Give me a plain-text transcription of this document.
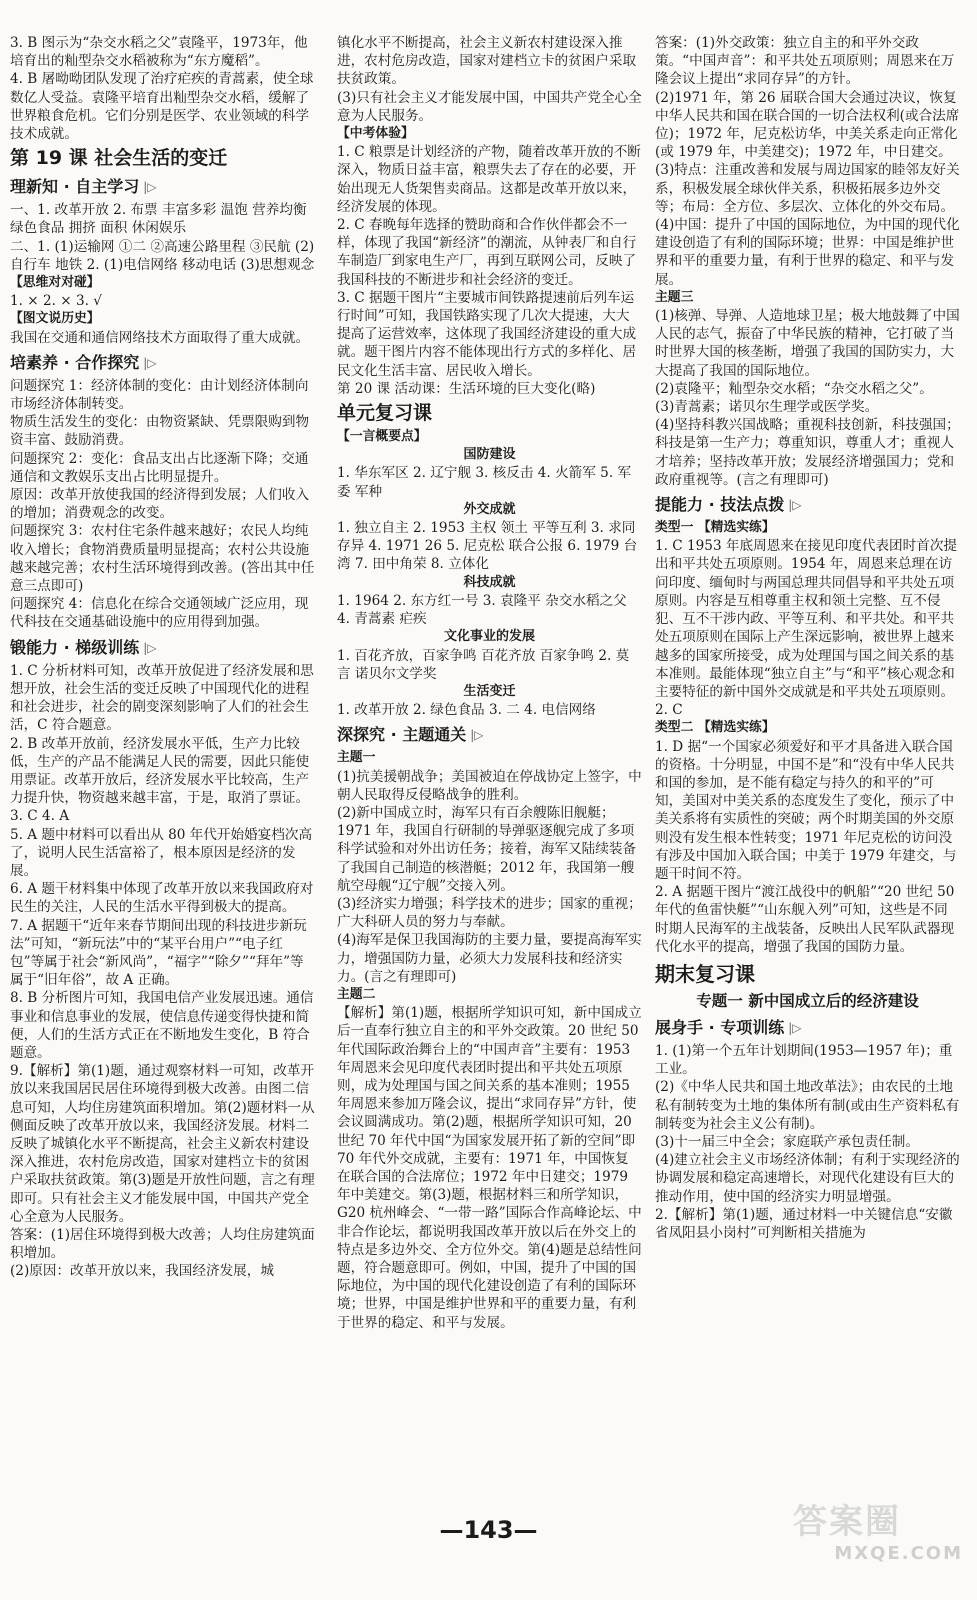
3. B 图示为“杂交水稻之父”袁隆平，1973年，他培育出的籼型杂交水稻被称为“东方魔稻”。
4. B 屠呦呦团队发现了治疗疟疾的青蒿素，使全球数亿人受益。袁隆平培育出籼型杂交水稻，缓解了世界粮食危机。它们分别是医学、农业领域的科学技术成就。
第 19 课 社会生活的变迁
理新知 · 自主学习 |▷
一、1. 改革开放 2. 布票 丰富多彩 温饱 营养均衡 绿色食品 拥挤 面积 休闲娱乐
二、1. (1)运输网 ①二 ②高速公路里程 ③民航 (2)自行车 地铁 2. (1)电信网络 移动电话 (3)思想观念
【思维对对碰】
1. × 2. × 3. √
【图文说历史】
我国在交通和通信网络技术方面取得了重大成就。
培素养 · 合作探究 |▷
问题探究 1：经济体制的变化：由计划经济体制向市场经济体制转变。
物质生活发生的变化：由物资紧缺、凭票限购到物资丰富、鼓励消费。
问题探究 2：变化：食品支出占比逐渐下降；交通通信和文教娱乐支出占比明显提升。
原因：改革开放使我国的经济得到发展；人们收入的增加；消费观念的改变。
问题探究 3：农村住宅条件越来越好；农民人均纯收入增长；食物消费质量明显提高；农村公共设施越来越完善；农村生活环境得到改善。(答出其中任意三点即可)
问题探究 4：信息化在综合交通领域广泛应用，现代科技在交通基础设施中的应用得到加强。
锻能力 · 梯级训练 |▷
1. C 分析材料可知，改革开放促进了经济发展和思想开放，社会生活的变迁反映了中国现代化的进程和社会进步，社会的剧变深刻影响了人们的社会生活，C 符合题意。
2. B 改革开放前，经济发展水平低，生产力比较低，生产的产品不能满足人民的需要，因此只能使用票证。改革开放后，经济发展水平比较高，生产力提升快，物资越来越丰富，于是，取消了票证。
3. C 4. A
5. A 题中材料可以看出从 80 年代开始婚宴档次高了，说明人民生活富裕了，根本原因是经济的发展。
6. A 题干材料集中体现了改革开放以来我国政府对民生的关注，人民的生活水平得到极大的提高。
7. A 据题干“近年来春节期间出现的科技进步新玩法”可知，“新玩法”中的“某平台用户”“电子红包”等属于社会“新风尚”，“福字”“除夕”“拜年”等属于“旧年俗”，故 A 正确。
8. B 分析图片可知，我国电信产业发展迅速。通信事业和信息事业的发展，使信息传递变得快捷和简便，人们的生活方式正在不断地发生变化，B 符合题意。
9.【解析】第(1)题，通过观察材料一可知，改革开放以来我国居民居住环境得到极大改善。由图二信息可知，人均住房建筑面积增加。第(2)题材料一从侧面反映了改革开放以来，我国经济发展。材料二反映了城镇化水平不断提高，社会主义新农村建设深入推进，农村危房改造，国家对建档立卡的贫困户采取扶贫政策。第(3)题是开放性问题，言之有理即可。只有社会主义才能发展中国，中国共产党全心全意为人民服务。
答案：(1)居住环境得到极大改善；人均住房建筑面积增加。
(2)原因：改革开放以来，我国经济发展，城
镇化水平不断提高，社会主义新农村建设深入推进，农村危房改造，国家对建档立卡的贫困户采取扶贫政策。
(3)只有社会主义才能发展中国，中国共产党全心全意为人民服务。
【中考体验】
1. C 粮票是计划经济的产物，随着改革开放的不断深入，物质日益丰富，粮票失去了存在的必要，开始出现无人货架售卖商品。这都是改革开放以来，经济发展的体现。
2. C 春晚每年选择的赞助商和合作伙伴都会不一样，体现了我国“新经济”的潮流，从钟表厂和自行车制造厂到家电生产厂，再到互联网公司，反映了我国科技的不断进步和社会经济的变迁。
3. C 据题干图片“主要城市间铁路提速前后列车运行时间”可知，我国铁路实现了几次大提速，大大提高了运营效率，这体现了我国经济建设的重大成就。题干图片内容不能体现出行方式的多样化、居民文化生活丰富、居民收入增长。
第 20 课 活动课：生活环境的巨大变化(略)
单元复习课
【一言概要点】
国防建设
1. 华东军区 2. 辽宁舰 3. 核反击 4. 火箭军 5. 军委 军种
外交成就
1. 独立自主 2. 1953 主权 领土 平等互利 3. 求同存异 4. 1971 26 5. 尼克松 联合公报 6. 1979 台湾 7. 田中角荣 8. 立体化
科技成就
1. 1964 2. 东方红一号 3. 袁隆平 杂交水稻之父 4. 青蒿素 疟疾
文化事业的发展
1. 百花齐放，百家争鸣 百花齐放 百家争鸣 2. 莫言 诺贝尔文学奖
生活变迁
1. 改革开放 2. 绿色食品 3. 二 4. 电信网络
深探究 · 主题通关 |▷
主题一
(1)抗美援朝战争；美国被迫在停战协定上签字，中朝人民取得反侵略战争的胜利。
(2)新中国成立时，海军只有百余艘陈旧舰艇；1971 年，我国自行研制的导弹驱逐舰完成了多项科学试验和对外出访任务；接着，海军又陆续装备了我国自己制造的核潜艇；2012 年，我国第一艘航空母舰“辽宁舰”交接入列。
(3)经济实力增强；科学技术的进步；国家的重视；广大科研人员的努力与奉献。
(4)海军是保卫我国海防的主要力量，要提高海军实力，增强国防力量，必须大力发展科技和经济实力。(言之有理即可)
主题二
【解析】第(1)题，根据所学知识可知，新中国成立后一直奉行独立自主的和平外交政策。20 世纪 50 年代国际政治舞台上的“中国声音”主要有：1953 年周恩来会见印度代表团时提出和平共处五项原则，成为处理国与国之间关系的基本准则；1955 年周恩来参加万隆会议，提出“求同存异”方针，使会议圆满成功。第(2)题，根据所学知识可知，20 世纪 70 年代中国“为国家发展开拓了新的空间”即 70 年代外交成就，主要有：1971 年，中国恢复在联合国的合法席位；1972 年中日建交；1979 年中美建交。第(3)题，根据材料三和所学知识，G20 杭州峰会、“一带一路”国际合作高峰论坛、中非合作论坛，都说明我国改革开放以后在外交上的特点是多边外交、全方位外交。第(4)题是总结性问题，符合题意即可。例如，中国，提升了中国的国际地位，为中国的现代化建设创造了有利的国际环境；世界，中国是维护世界和平的重要力量，有利于世界的稳定、和平与发展。
答案：(1)外交政策：独立自主的和平外交政策。“中国声音”：和平共处五项原则；周恩来在万隆会议上提出“求同存异”的方针。
(2)1971 年，第 26 届联合国大会通过决议，恢复中华人民共和国在联合国的一切合法权利(或合法席位)；1972 年，尼克松访华，中美关系走向正常化(或 1979 年，中美建交)；1972 年，中日建交。
(3)特点：注重改善和发展与周边国家的睦邻友好关系，积极发展全球伙伴关系，积极拓展多边外交等；布局：全方位、多层次、立体化的外交布局。
(4)中国：提升了中国的国际地位，为中国的现代化建设创造了有利的国际环境；世界：中国是维护世界和平的重要力量，有利于世界的稳定、和平与发展。
主题三
(1)核弹、导弹、人造地球卫星；极大地鼓舞了中国人民的志气，振奋了中华民族的精神，它打破了当时世界大国的核垄断，增强了我国的国防实力，大大提高了我国的国际地位。
(2)袁隆平；籼型杂交水稻；“杂交水稻之父”。
(3)青蒿素；诺贝尔生理学或医学奖。
(4)坚持科教兴国战略；重视科技创新，科技强国；科技是第一生产力；尊重知识，尊重人才；重视人才培养；坚持改革开放；发展经济增强国力；党和政府重视等。(言之有理即可)
提能力 · 技法点拨 |▷
类型一 【精选实练】
1. C 1953 年底周恩来在接见印度代表团时首次提出和平共处五项原则。1954 年，周恩来总理在访问印度、缅甸时与两国总理共同倡导和平共处五项原则。内容是互相尊重主权和领土完整、互不侵犯、互不干涉内政、平等互利、和平共处。和平共处五项原则在国际上产生深远影响，被世界上越来越多的国家所接受，成为处理国与国之间关系的基本准则。最能体现“独立自主”与“和平”核心观念和主要特征的新中国外交成就是和平共处五项原则。
2. C
类型二 【精选实练】
1. D 据“一个国家必须爱好和平才具备进入联合国的资格。十分明显，中国不是”和“没有中华人民共和国的参加，是不能有稳定与持久的和平的”可知，美国对中美关系的态度发生了变化，预示了中美关系将有实质性的突破；两个时期美国的外交原则没有发生根本性转变；1971 年尼克松的访问没有涉及中国加入联合国；中美于 1979 年建交，与题干时间不符。
2. A 据题干图片“渡江战役中的帆船”“20 世纪 50 年代的鱼雷快艇”“山东舰入列”可知，这些是不同时期人民海军的主战装备，反映出人民军队武器现代化水平的提高，增强了我国的国防力量。
期末复习课
专题一 新中国成立后的经济建设
展身手 · 专项训练 |▷
1. (1)第一个五年计划期间(1953—1957 年)；重工业。
(2)《中华人民共和国土地改革法》；由农民的土地私有制转变为土地的集体所有制(或由生产资料私有制转变为社会主义公有制)。
(3)十一届三中全会；家庭联产承包责任制。
(4)建立社会主义市场经济体制；有利于实现经济的协调发展和稳定高速增长，对现代化建设有巨大的推动作用，使中国的经济实力明显增强。
2.【解析】第(1)题，通过材料一中关键信息“安徽省凤阳县小岗村”可判断相关措施为
—143—	答案圈
MXQE.COM
